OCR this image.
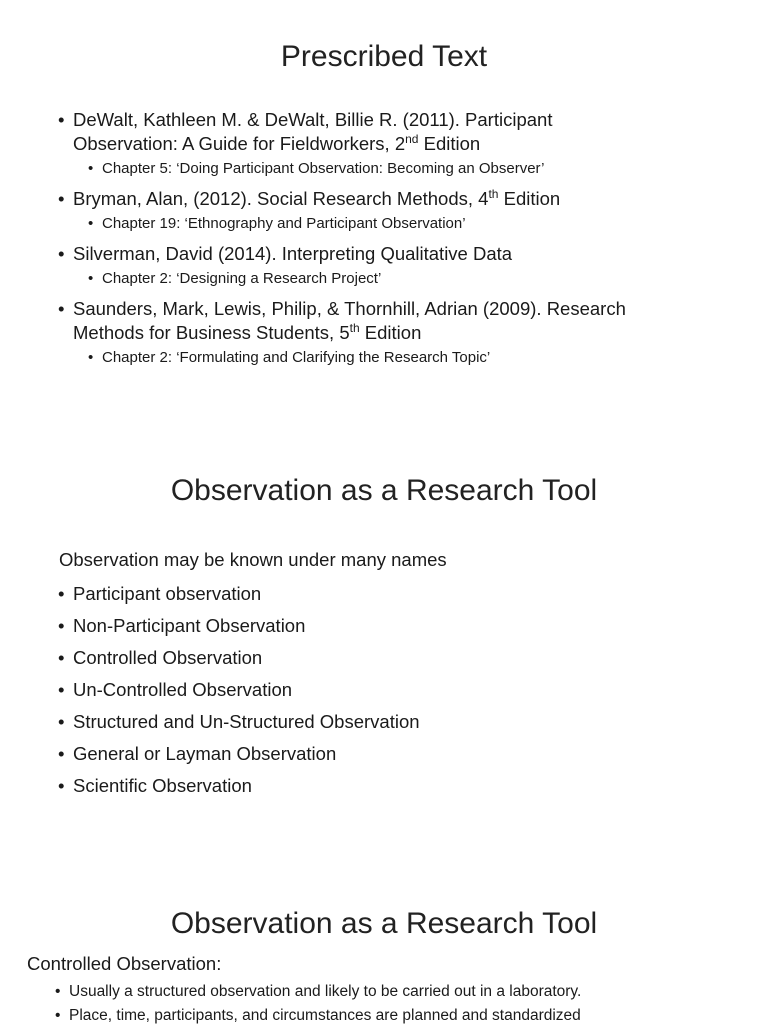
Prescribed Text
• DeWalt, Kathleen M. & DeWalt, Billie R. (2011). Participant
Observation: A Guide for Fieldworkers, 2nd Edition
• Chapter 5: ‘Doing Participant Observation: Becoming an Observer’
• Bryman, Alan, (2012). Social Research Methods, 4th Edition
• Chapter 19: ‘Ethnography and Participant Observation’
• Silverman, David (2014). Interpreting Qualitative Data
• Chapter 2: ‘Designing a Research Project’
• Saunders, Mark, Lewis, Philip, & Thornhill, Adrian (2009). Research
Methods for Business Students, 5th Edition
• Chapter 2: ‘Formulating and Clarifying the Research Topic’
Observation as a Research Tool
Observation may be known under many names
• Participant observation
• Non-Participant Observation
• Controlled Observation
• Un-Controlled Observation
• Structured and Un-Structured Observation
• General or Layman Observation
• Scientific Observation
Observation as a Research Tool
Controlled Observation:
• Usually a structured observation and likely to be carried out in a laboratory.
• Place, time, participants, and circumstances are planned and standardized
